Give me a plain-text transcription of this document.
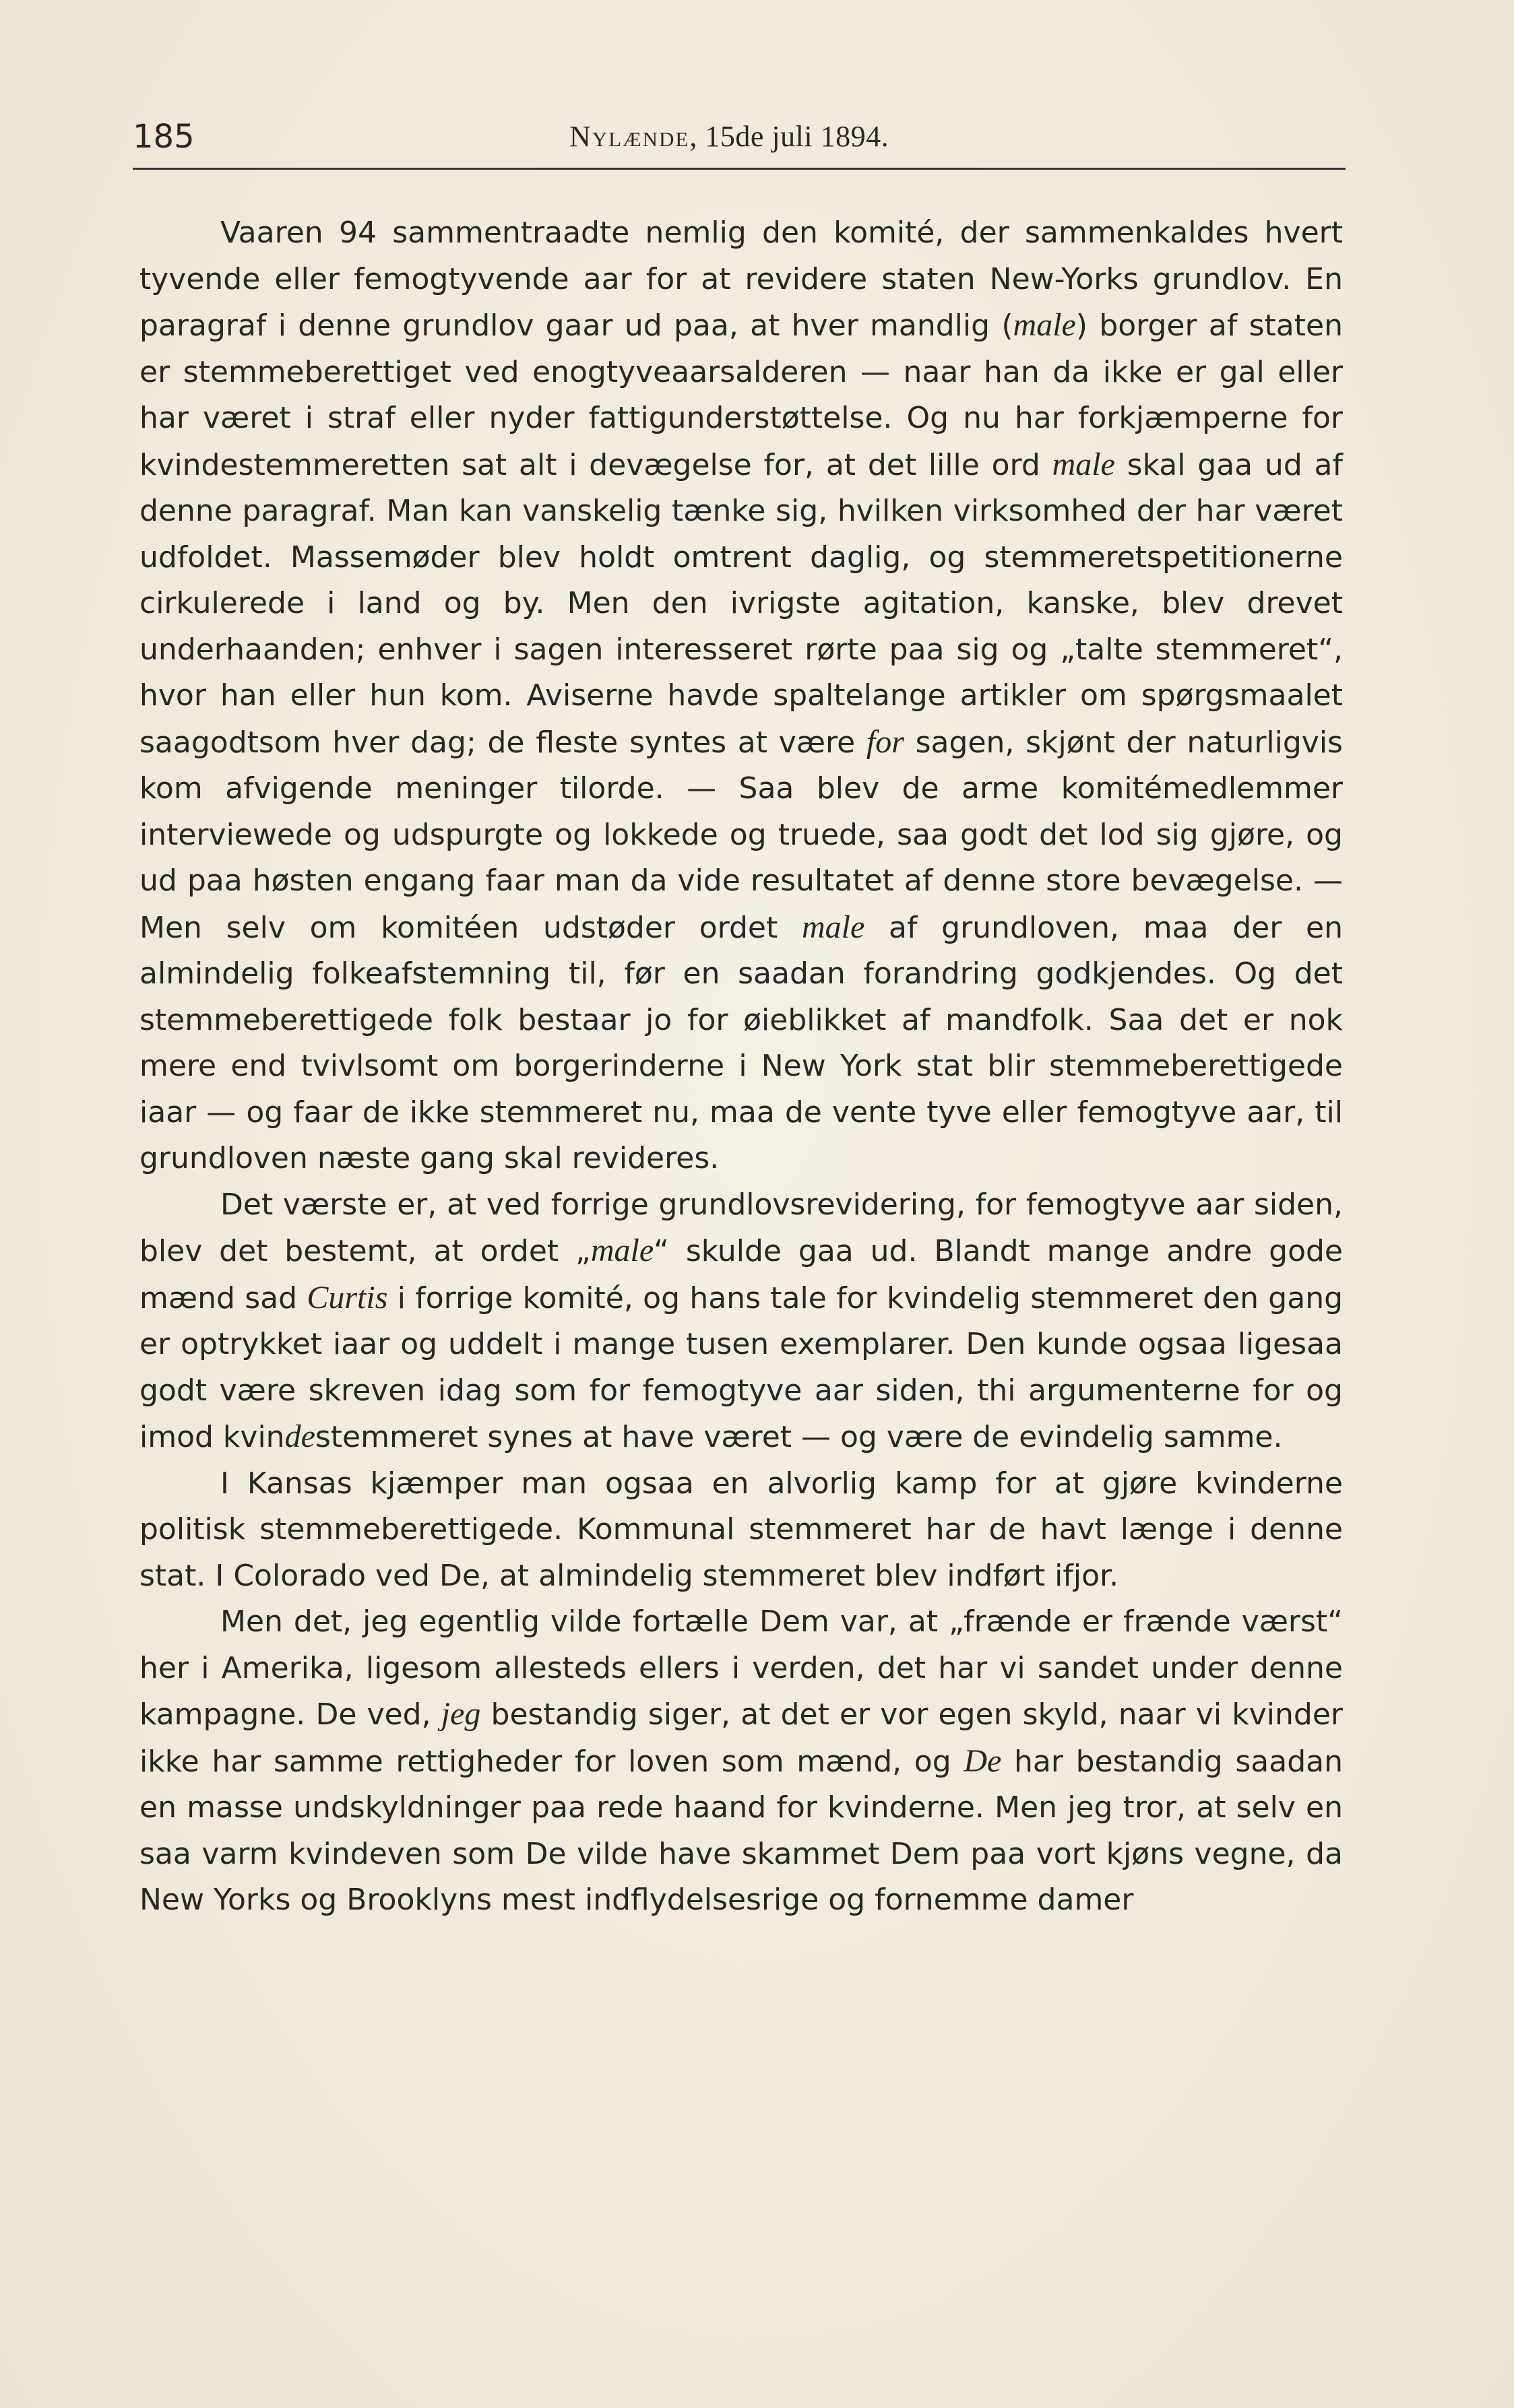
185	Nylænde, 15de juli 1894.

Vaaren 94 sammentraadte nemlig den komité, der sammenkaldes hvert tyvende eller femogtyvende aar for at revidere staten New-Yorks grundlov. En paragraf i denne grundlov gaar ud paa, at hver mandlig (male) borger af staten er stemmeberettiget ved enogtyveaarsalderen — naar han da ikke er gal eller har været i straf eller nyder fattigunderstøttelse. Og nu har forkjæmperne for kvindestemmeretten sat alt i devægelse for, at det lille ord male skal gaa ud af denne paragraf. Man kan vanskelig tænke sig, hvilken virksomhed der har været udfoldet. Massemøder blev holdt omtrent daglig, og stemmeretspetitionerne cirkulerede i land og by. Men den ivrigste agitation, kanske, blev drevet underhaanden; enhver i sagen interesseret rørte paa sig og „talte stemmeret“, hvor han eller hun kom. Aviserne havde spaltelange artikler om spørgsmaalet saagodtsom hver dag; de fleste syntes at være for sagen, skjønt der naturligvis kom afvigende meninger tilorde. — Saa blev de arme komitémedlemmer interviewede og udspurgte og lokkede og truede, saa godt det lod sig gjøre, og ud paa høsten engang faar man da vide resultatet af denne store bevægelse. — Men selv om komitéen udstøder ordet male af grundloven, maa der en almindelig folkeafstemning til, før en saadan forandring godkjendes. Og det stemmeberettigede folk bestaar jo for øieblikket af mandfolk. Saa det er nok mere end tvivlsomt om borgerinderne i New York stat blir stemmeberettigede iaar — og faar de ikke stemmeret nu, maa de vente tyve eller femogtyve aar, til grundloven næste gang skal revideres.

Det værste er, at ved forrige grundlovsrevidering, for femogtyve aar siden, blev det bestemt, at ordet „male“ skulde gaa ud. Blandt mange andre gode mænd sad Curtis i forrige komité, og hans tale for kvindelig stemmeret den gang er optrykket iaar og uddelt i mange tusen exemplarer. Den kunde ogsaa ligesaa godt være skreven idag som for femogtyve aar siden, thi argumenterne for og imod kvindestemmeret synes at have været — og være de evindelig samme.

I Kansas kjæmper man ogsaa en alvorlig kamp for at gjøre kvinderne politisk stemmeberettigede. Kommunal stemmeret har de havt længe i denne stat. I Colorado ved De, at almindelig stemmeret blev indført ifjor.

Men det, jeg egentlig vilde fortælle Dem var, at „frænde er frænde værst“ her i Amerika, ligesom allesteds ellers i verden, det har vi sandet under denne kampagne. De ved, jeg bestandig siger, at det er vor egen skyld, naar vi kvinder ikke har samme rettigheder for loven som mænd, og De har bestandig saadan en masse undskyldninger paa rede haand for kvinderne. Men jeg tror, at selv en saa varm kvindeven som De vilde have skammet Dem paa vort kjøns vegne, da New Yorks og Brooklyns mest indflydelsesrige og fornemme damer
